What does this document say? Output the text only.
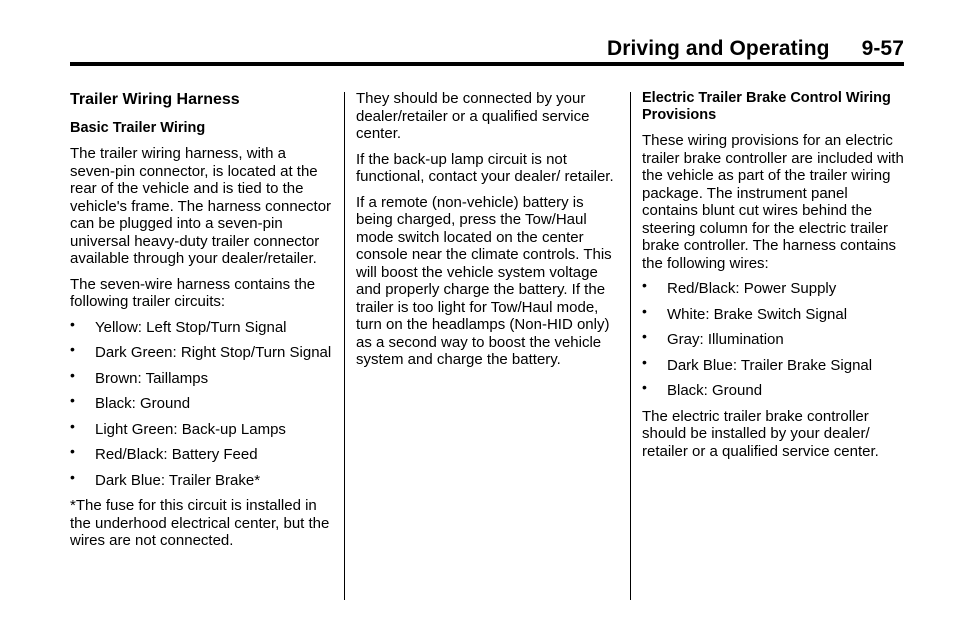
Driving and Operating 9-57
Trailer Wiring Harness
Basic Trailer Wiring

The trailer wiring harness, with a seven-pin connector, is located at the rear of the vehicle and is tied to the vehicle's frame. The harness connector can be plugged into a seven-pin universal heavy-duty trailer connector available through your dealer/retailer.

The seven-wire harness contains the following trailer circuits:

• Yellow: Left Stop/Turn Signal
• Dark Green: Right Stop/Turn Signal
• Brown: Taillamps
• Black: Ground
• Light Green: Back-up Lamps
• Red/Black: Battery Feed
• Dark Blue: Trailer Brake*

*The fuse for this circuit is installed in the underhood electrical center, but the wires are not connected.

They should be connected by your dealer/retailer or a qualified service center.

If the back-up lamp circuit is not functional, contact your dealer/ retailer.

If a remote (non-vehicle) battery is being charged, press the Tow/Haul mode switch located on the center console near the climate controls. This will boost the vehicle system voltage and properly charge the battery. If the trailer is too light for Tow/Haul mode, turn on the headlamps (Non-HID only) as a second way to boost the vehicle system and charge the battery.

Electric Trailer Brake Control Wiring Provisions

These wiring provisions for an electric trailer brake controller are included with the vehicle as part of the trailer wiring package. The instrument panel contains blunt cut wires behind the steering column for the electric trailer brake controller. The harness contains the following wires:

• Red/Black: Power Supply
• White: Brake Switch Signal
• Gray: Illumination
• Dark Blue: Trailer Brake Signal
• Black: Ground

The electric trailer brake controller should be installed by your dealer/ retailer or a qualified service center.
